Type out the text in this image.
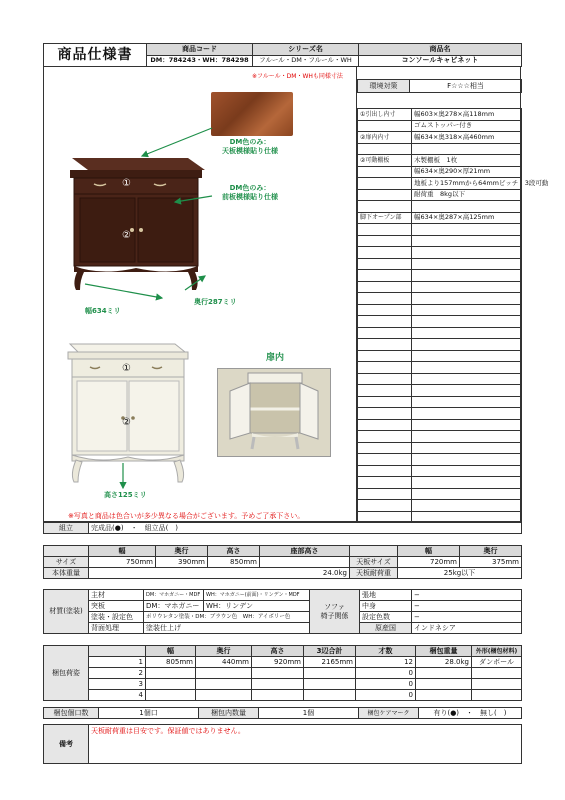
商品仕様書	商品コード	シリーズ名	商品名
	DM：784243・WH：784298	フルール・DM・フルール・WH	コンソールキャビネット
※フルール・DM・WHも同様寸法
①
②
DM色のみ：
天板模様貼り仕様
DM色のみ：
前板模様貼り仕様
幅634ミリ
奥行287ミリ
①
②
高さ125ミリ
扉内
※写真と商品は色合いが多少異なる場合がございます。予めご了承下さい。
環境対策	F☆☆☆相当
①引出し内寸	幅603×奥278×高118mm
	ゴムストッパー付き
②扉内内寸	幅634×奥318×高460mm

②可動棚板	木製棚板　1枚
	幅634×奥290×厚21mm
	地板より157mmから64mmピッチ　3段可動
	耐荷重　8kg以下

脚下オープン部	幅634×奥287×高125mm

組立	完成品(●)　・　組立品(　)
	幅	奥行	高さ	座部高さ		幅	奥行
サイズ	750mm	390mm	850mm		天板サイズ	720mm	375mm
本体重量	24.0kg				天板耐荷重	25kg以下	
材質(塗装)	主材	DM：マホガニー・MDF	WH：マホガニー(前面)・リンデン・MDF	ソファ
椅子関係	張地	−
	突板	DM：マホガニー	WH：リンデン		中身	−
	塗装・設定色	ポリウレタン塗装・DM：ブラウン色　WH：アイボリー色			設定色数	−
	背面処理	塗装仕上げ			原産国	インドネシア
梱包荷姿		幅	奥行	高さ	3辺合計	才数	梱包重量	外形(梱包材料)
	1	805mm	440mm	920mm	2165mm	12	28.0kg	ダンボール
	2					0		
	3					0		
	4					0		
梱包個口数	1個口	梱包内数量	1個	梱包ケアマーク	有り(●)　・　無し(　)
備考	天板耐荷重は目安です。保証値ではありません。
